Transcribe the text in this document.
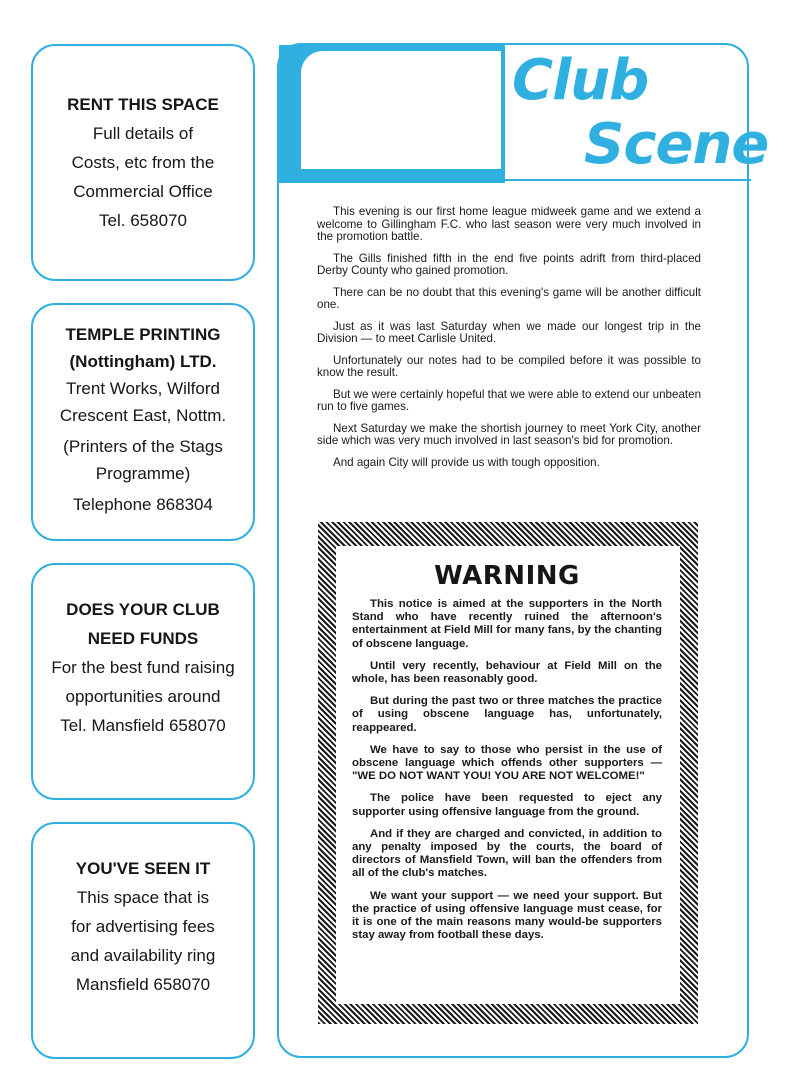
RENT THIS SPACE
Full details of
Costs, etc from the
Commercial Office
Tel. 658070
TEMPLE PRINTING
(Nottingham) LTD.
Trent Works, Wilford
Crescent East, Nottm.
(Printers of the Stags
Programme)
Telephone 868304
DOES YOUR CLUB
NEED FUNDS
For the best fund raising
opportunities around
Tel. Mansfield 658070
YOU'VE SEEN IT
This space that is
for advertising fees
and availability ring
Mansfield 658070
Club
Scene

This evening is our first home league midweek game and we extend a welcome to Gillingham F.C. who last season were very much involved in the promotion battle.

The Gills finished fifth in the end five points adrift from third-placed Derby County who gained promotion.

There can be no doubt that this evening's game will be another difficult one.

Just as it was last Saturday when we made our longest trip in the Division — to meet Carlisle United.

Unfortunately our notes had to be compiled before it was possible to know the result.

But we were certainly hopeful that we were able to extend our unbeaten run to five games.

Next Saturday we make the shortish journey to meet York City, another side which was very much involved in last season's bid for promotion.

And again City will provide us with tough opposition.

WARNING

This notice is aimed at the supporters in the North Stand who have recently ruined the afternoon's entertainment at Field Mill for many fans, by the chanting of obscene language.

Until very recently, behaviour at Field Mill on the whole, has been reasonably good.

But during the past two or three matches the practice of using obscene language has, unfortunately, reappeared.

We have to say to those who persist in the use of obscene language which offends other supporters — "WE DO NOT WANT YOU! YOU ARE NOT WELCOME!"

The police have been requested to eject any supporter using offensive language from the ground.

And if they are charged and convicted, in addition to any penalty imposed by the courts, the board of directors of Mansfield Town, will ban the offenders from all of the club's matches.

We want your support — we need your support. But the practice of using offensive language must cease, for it is one of the main reasons many would-be supporters stay away from football these days.
